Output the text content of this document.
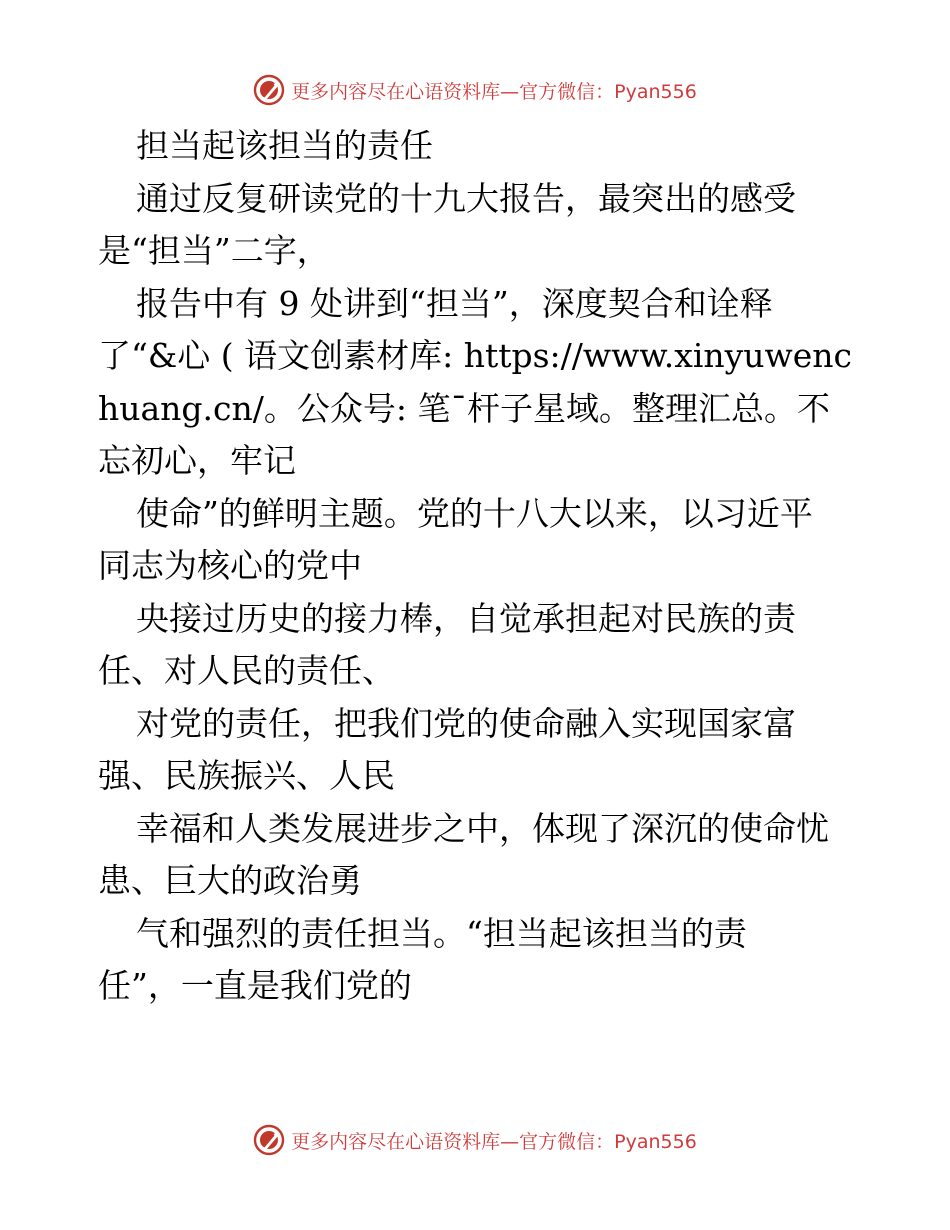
更多内容尽在心语资料库—官方微信：Pyan556

担当起该担当的责任

通过反复研读党的十九大报告，最突出的感受

是“担当”二字，

报告中有 9 处讲到“担当”，深度契合和诠释

了“&心 ( 语文创素材库: https://www.xinyuwenc

huang.cn/。公众号: 笔¯杆子星域。整理汇总。不

忘初心，牢记

使命”的鲜明主题。党的十八大以来，以习近平

同志为核心的党中

央接过历史的接力棒，自觉承担起对民族的责

任、对人民的责任、

对党的责任，把我们党的使命融入实现国家富

强、民族振兴、人民

幸福和人类发展进步之中，体现了深沉的使命忧

患、巨大的政治勇

气和强烈的责任担当。“担当起该担当的责

任”，一直是我们党的

更多内容尽在心语资料库—官方微信：Pyan556
